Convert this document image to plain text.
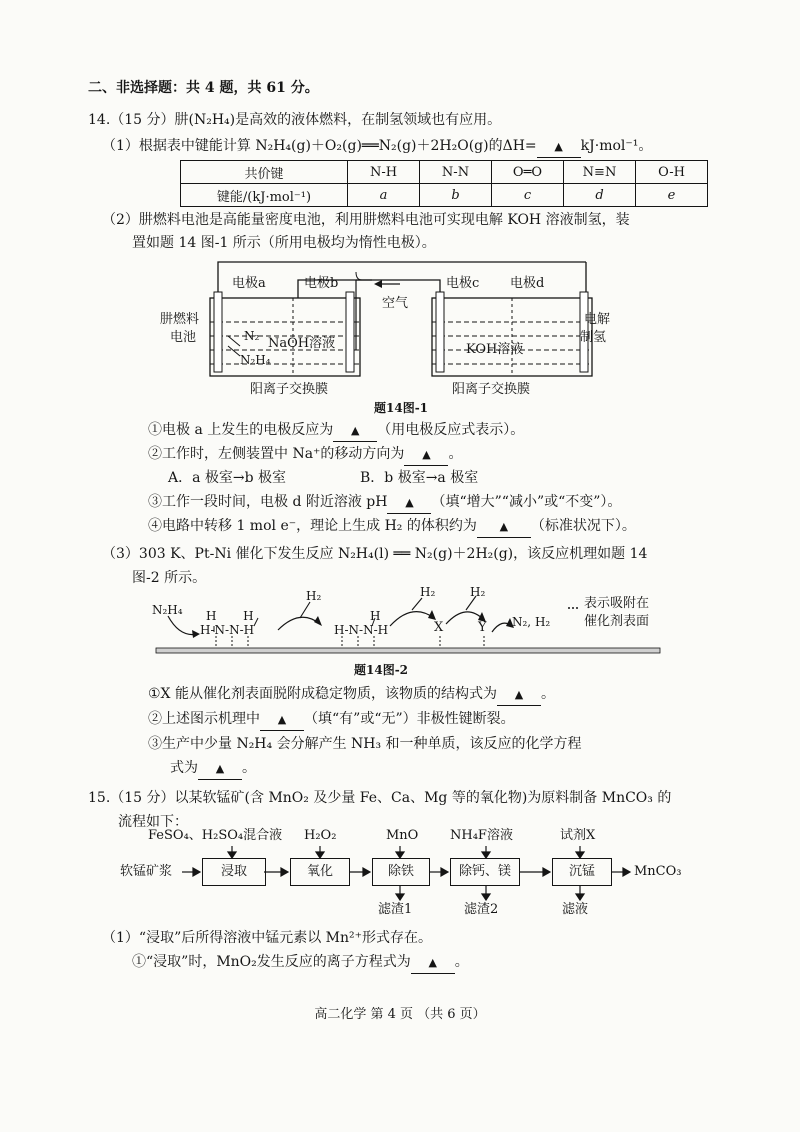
二、非选择题：共 4 题，共 61 分。
14.（15 分）肼(N₂H₄)是高效的液体燃料，在制氢领域也有应用。
（1）根据表中键能计算 N₂H₄(g)＋O₂(g)══N₂(g)＋2H₂O(g)的ΔH= ▲ kJ·mol⁻¹。
共价键	N-H	N-N	O═O	N≡N	O-H
键能/(kJ·mol⁻¹)	a	b	c	d	e
（2）肼燃料电池是高能量密度电池，利用肼燃料电池可实现电解 KOH 溶液制氢，装
置如题 14 图-1 所示（所用电极均为惰性电极）。
电极a	电极b	电极c 电极d
空气
肼燃料
电池
电解
制氢
N₂
N₂H₄
NaOH溶液	KOH溶液
阳离子交换膜	阳离子交换膜
题14图-1
①电极 a 上发生的电极反应为 ▲ （用电极反应式表示）。
②工作时，左侧装置中 Na⁺的移动方向为 ▲ 。
A．a 极室→b 极室	B．b 极室→a 极室
③工作一段时间，电极 d 附近溶液 pH ▲ （填“增大”“减小”或“不变”）。
④电路中转移 1 mol e⁻，理论上生成 H₂ 的体积约为 ▲ （标准状况下）。
（3）303 K、Pt-Ni 催化下发生反应 N₂H₄(l) ══ N₂(g)＋2H₂(g)，该反应机理如题 14
图-2 所示。
N₂H₄ H       H
H-N-N-H
H₂
H
H-N-N-H
H₂
X
H₂
Y N₂, H₂
表示吸附在
催化剂表面
题14图-2
①X 能从催化剂表面脱附成稳定物质，该物质的结构式为 ▲ 。
②上述图示机理中 ▲ （填“有”或“无”）非极性键断裂。
③生产中少量 N₂H₄ 会分解产生 NH₃ 和一种单质，该反应的化学方程
式为 ▲ 。
15.（15 分）以某软锰矿(含 MnO₂ 及少量 Fe、Ca、Mg 等的氧化物)为原料制备 MnCO₃ 的
流程如下：
软锰矿浆	浸取	氧化	除铁	除钙、镁	沉锰
FeSO₄、H₂SO₄混合液 H₂O₂	MnO NH₄F溶液	试剂X
滤渣1	滤渣2	滤液
MnCO₃
（1）“浸取”后所得溶液中锰元素以 Mn²⁺形式存在。
①“浸取”时，MnO₂发生反应的离子方程式为 ▲ 。
高二化学 第 4 页 （共 6 页）
